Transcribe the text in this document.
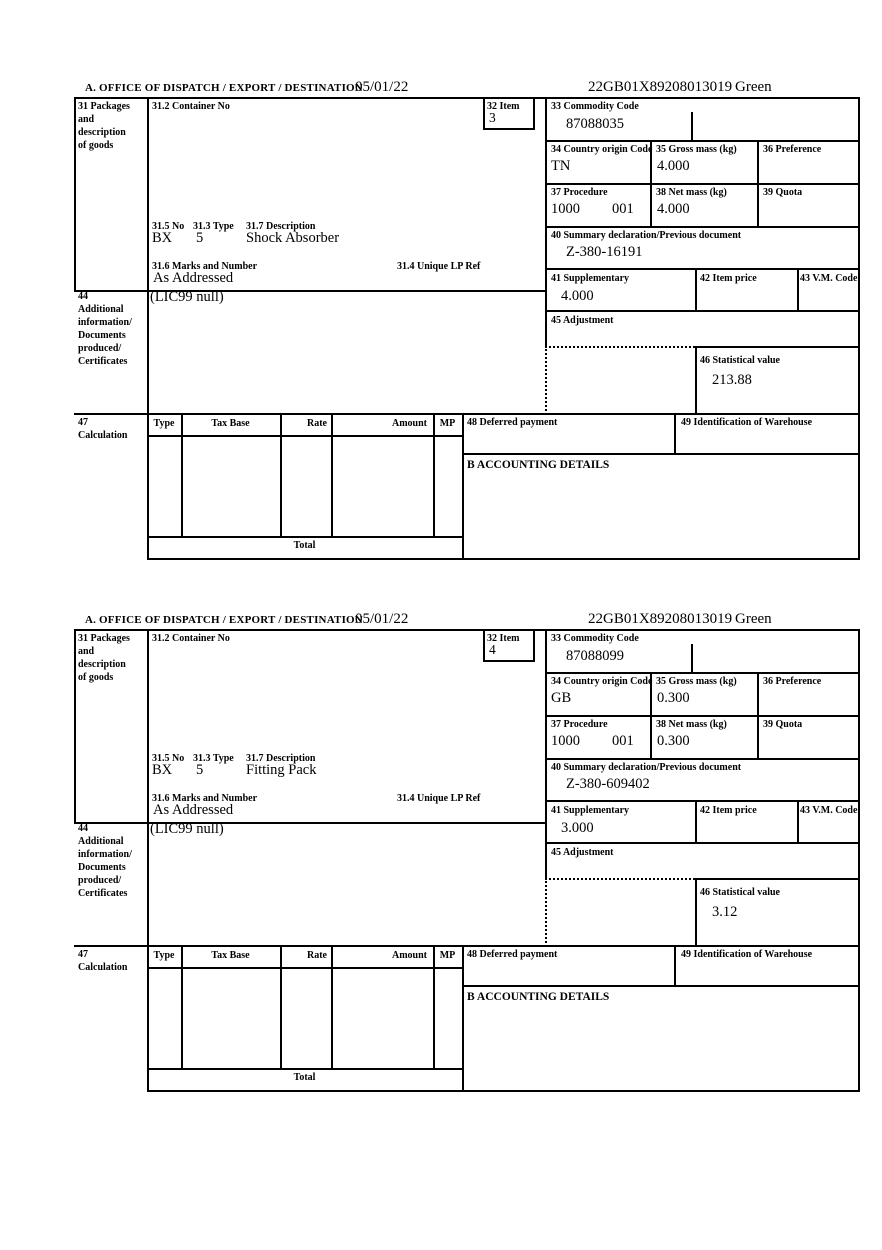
A. OFFICE OF DISPATCH / EXPORT / DESTINATION
05/01/22	22GB01X89208013019 Green
31 Packages
and
description
of goods
31.2 Container No	32 Item
3
33 Commodity Code
87088035
34 Country origin Code
TN
35 Gross mass (kg)
4.000
36 Preference
37 Procedure
1000 001
38 Net mass (kg)
4.000
39 Quota
31.5 No 31.3 Type 31.7 Description
BX 5	Shock Absorber
31.6 Marks and Number	31.4 Unique LP Ref
As Addressed
40 Summary declaration/Previous document
Z-380-16191
41 Supplementary
4.000
42 Item price	43 V.M. Code
44
Additional
information/
Documents
produced/
Certificates
(LIC99 null)
45 Adjustment
46 Statistical value
213.88
47
Calculation
Type	Tax Base	Rate	Amount	MP
Total
48 Deferred payment	49 Identification of Warehouse
B ACCOUNTING DETAILS
A. OFFICE OF DISPATCH / EXPORT / DESTINATION
05/01/22	22GB01X89208013019 Green
31 Packages
and
description
of goods
31.2 Container No	32 Item
4
33 Commodity Code
87088099
34 Country origin Code
GB
35 Gross mass (kg)
0.300
36 Preference
37 Procedure
1000 001
38 Net mass (kg)
0.300
39 Quota
31.5 No 31.3 Type 31.7 Description
BX 5	Fitting Pack
31.6 Marks and Number	31.4 Unique LP Ref
As Addressed
40 Summary declaration/Previous document
Z-380-609402
41 Supplementary
3.000
42 Item price	43 V.M. Code
44
Additional
information/
Documents
produced/
Certificates
(LIC99 null)
45 Adjustment
46 Statistical value
3.12
47
Calculation
Type	Tax Base	Rate	Amount	MP
Total
48 Deferred payment	49 Identification of Warehouse
B ACCOUNTING DETAILS
